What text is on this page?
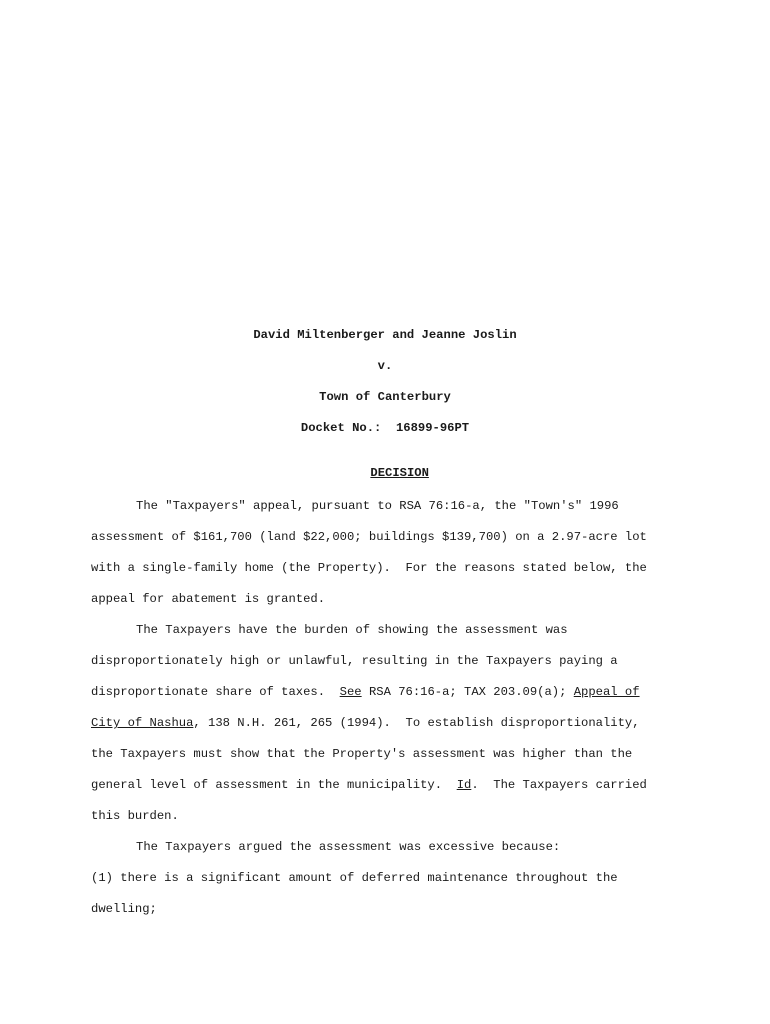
David Miltenberger and Jeanne Joslin
v.
Town of Canterbury
Docket No.:  16899-96PT

DECISION

The "Taxpayers" appeal, pursuant to RSA 76:16-a, the "Town's" 1996
assessment of $161,700 (land $22,000; buildings $139,700) on a 2.97-acre lot
with a single-family home (the Property).  For the reasons stated below, the
appeal for abatement is granted.
The Taxpayers have the burden of showing the assessment was
disproportionately high or unlawful, resulting in the Taxpayers paying a
disproportionate share of taxes.  See RSA 76:16-a; TAX 203.09(a); Appeal of
City of Nashua, 138 N.H. 261, 265 (1994).  To establish disproportionality,
the Taxpayers must show that the Property's assessment was higher than the
general level of assessment in the municipality.  Id.  The Taxpayers carried
this burden.
The Taxpayers argued the assessment was excessive because:
(1) there is a significant amount of deferred maintenance throughout the
dwelling;
